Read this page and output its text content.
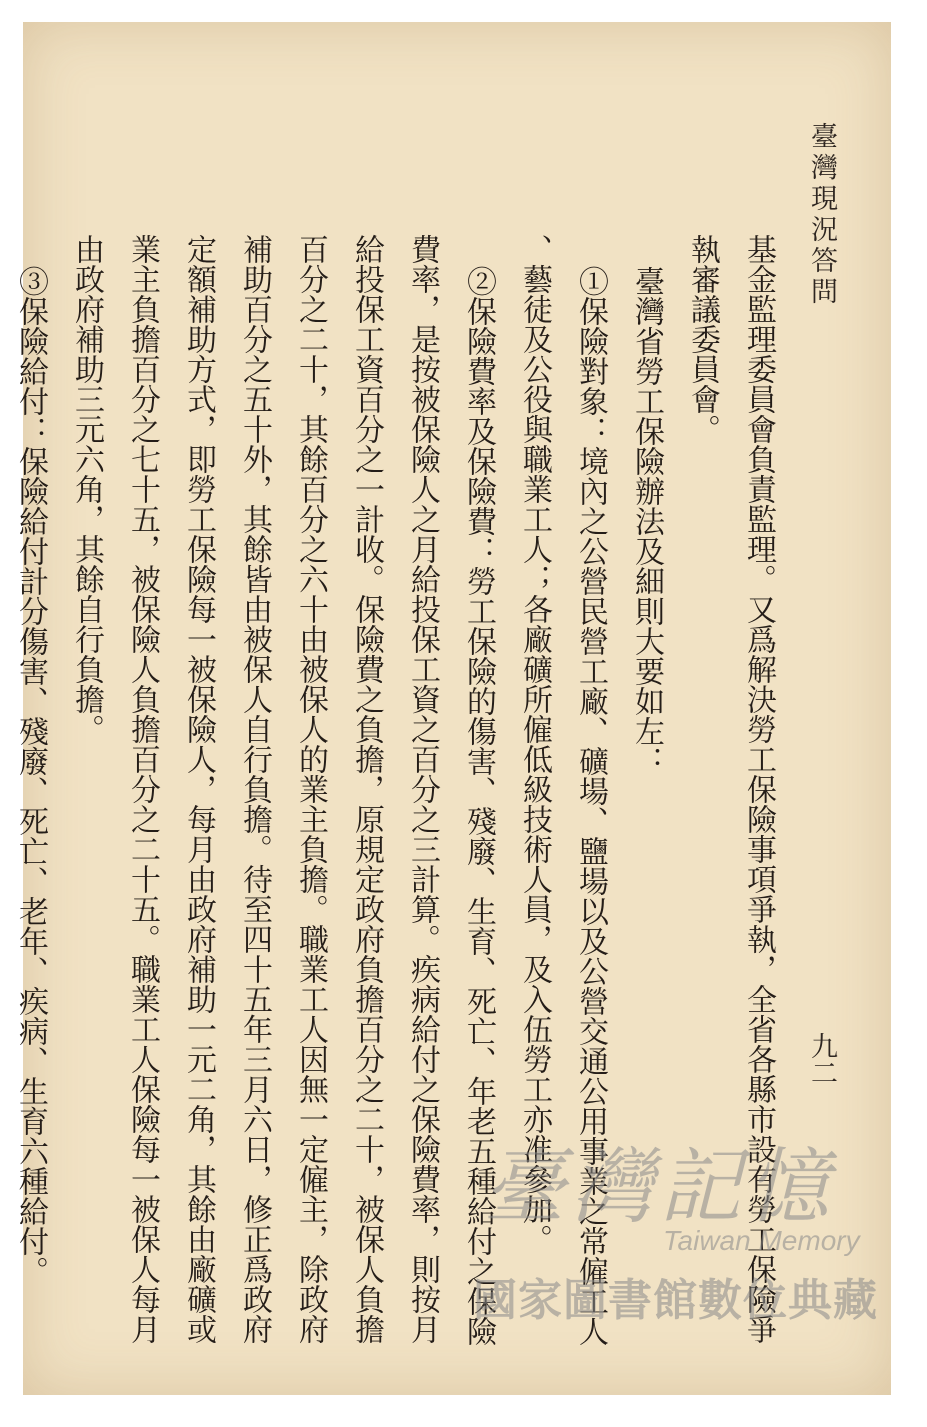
臺灣現況答問
九二
基金監理委員會負責監理。又爲解決勞工保險事項爭執，全省各縣市設有勞工保險爭
執審議委員會。
臺灣省勞工保險辦法及細則大要如左：
①保險對象：境內之公營民營工廠、礦場、鹽場以及公營交通公用事業之常僱工人
、藝徒及公役與職業工人；各廠礦所僱低級技術人員，及入伍勞工亦准參加。
②保險費率及保險費：勞工保險的傷害、殘廢、生育、死亡、年老五種給付之保險
費率，是按被保險人之月給投保工資之百分之三計算。疾病給付之保險費率，則按月
給投保工資百分之一計收。保險費之負擔，原規定政府負擔百分之二十，被保人負擔
百分之二十，其餘百分之六十由被保人的業主負擔。職業工人因無一定僱主，除政府
補助百分之五十外，其餘皆由被保人自行負擔。待至四十五年三月六日，修正爲政府
定額補助方式，即勞工保險每一被保險人，每月由政府補助一元二角，其餘由廠礦或
業主負擔百分之七十五，被保險人負擔百分之二十五。職業工人保險每一被保人每月
由政府補助三元六角，其餘自行負擔。
③保險給付：保險給付計分傷害、殘廢、死亡、老年、疾病、生育六種給付。	臺灣記憶
Taiwan Memory
國家圖書館數位典藏
